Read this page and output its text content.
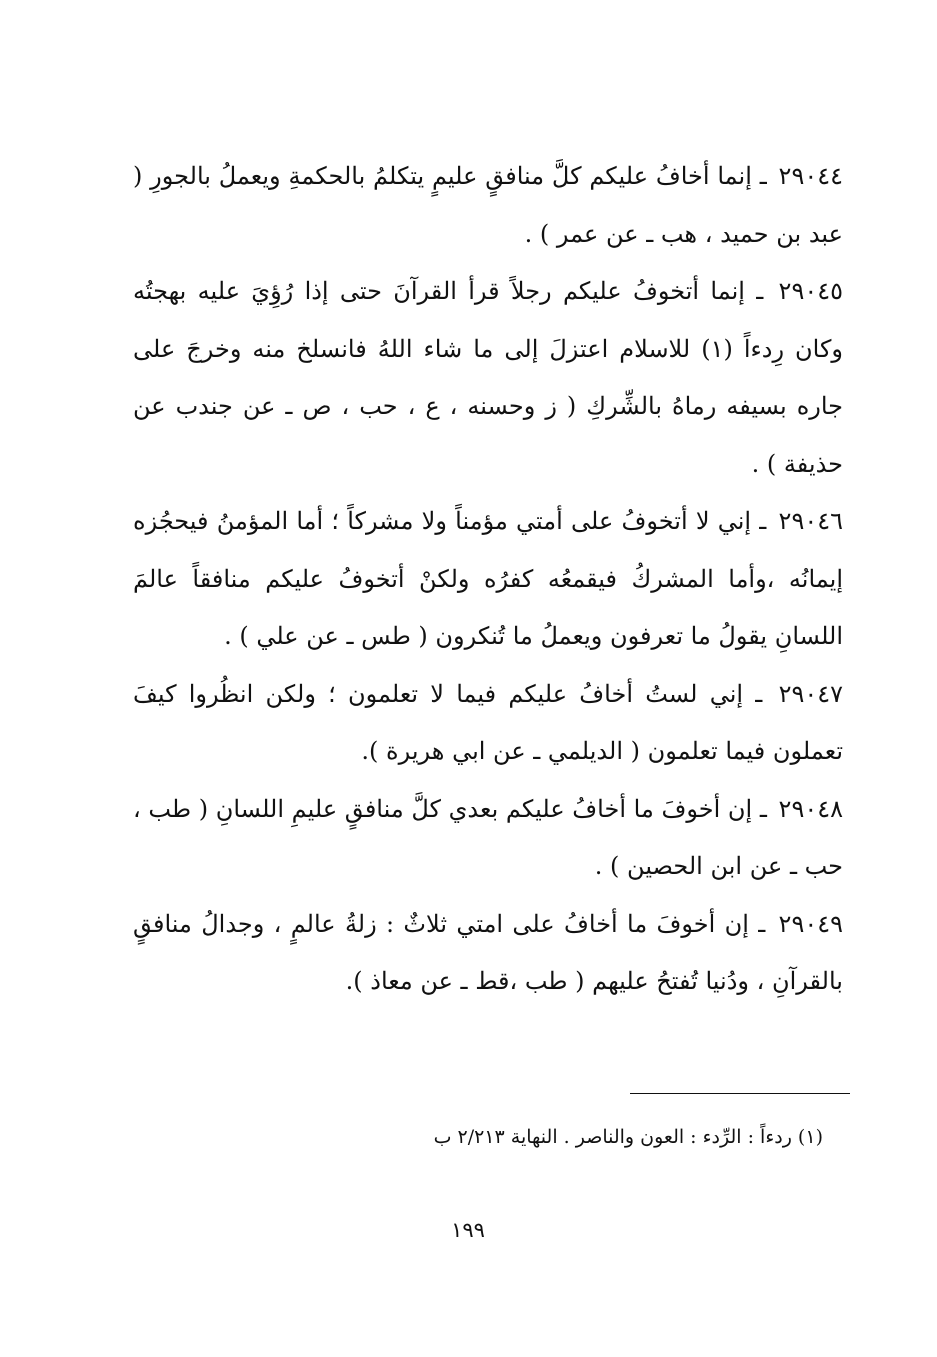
٢٩٠٤٤ ـ إنما أخافُ عليكم كلَّ منافقٍ عليمٍ يتكلمُ بالحكمةِ ويعملُ بالجورِ ( عبد بن حميد ، هب ـ عن عمر ) .

٢٩٠٤٥ ـ إنما أتخوفُ عليكم رجلاً قرأ القرآنَ حتى إذا رُؤِيَ عليه بهجتُه وكان رِدءاً (١) للاسلام اعتزلَ إلى ما شاء اللهُ فانسلخ منه وخرجَ على جاره بسيفه رماهُ بالشِّركِ ( ز وحسنه ، ع ، حب ، ص ـ عن جندب عن حذيفة ) .

٢٩٠٤٦ ـ إني لا أتخوفُ على أمتي مؤمناً ولا مشركاً ؛ أما المؤمنُ فيحجُزه إيمانُه ،وأما المشركُ فيقمعُه كفرُه ولكنْ أتخوفُ عليكم منافقاً عالمَ اللسانِ يقولُ ما تعرفون ويعملُ ما تُنكرون ( طس ـ عن علي ) .

٢٩٠٤٧ ـ إني لستُ أخافُ عليكم فيما لا تعلمون ؛ ولكن انظُروا كيفَ تعملون فيما تعلمون ( الديلمي ـ عن ابي هريرة ).

٢٩٠٤٨ ـ إن أخوفَ ما أخافُ عليكم بعدي كلَّ منافقٍ عليمِ اللسانِ ( طب ، حب ـ عن ابن الحصين ) .

٢٩٠٤٩ ـ إن أخوفَ ما أخافُ على امتي ثلاثٌ : زلةُ عالمٍ ، وجدالُ منافقٍ بالقرآنِ ، ودُنيا تُفتحُ عليهم ( طب ،قط ـ عن معاذ ).

(١) ردءاً : الرِّدء : العون والناصر . النهاية ٢/٢١٣ ب
١٩٩
